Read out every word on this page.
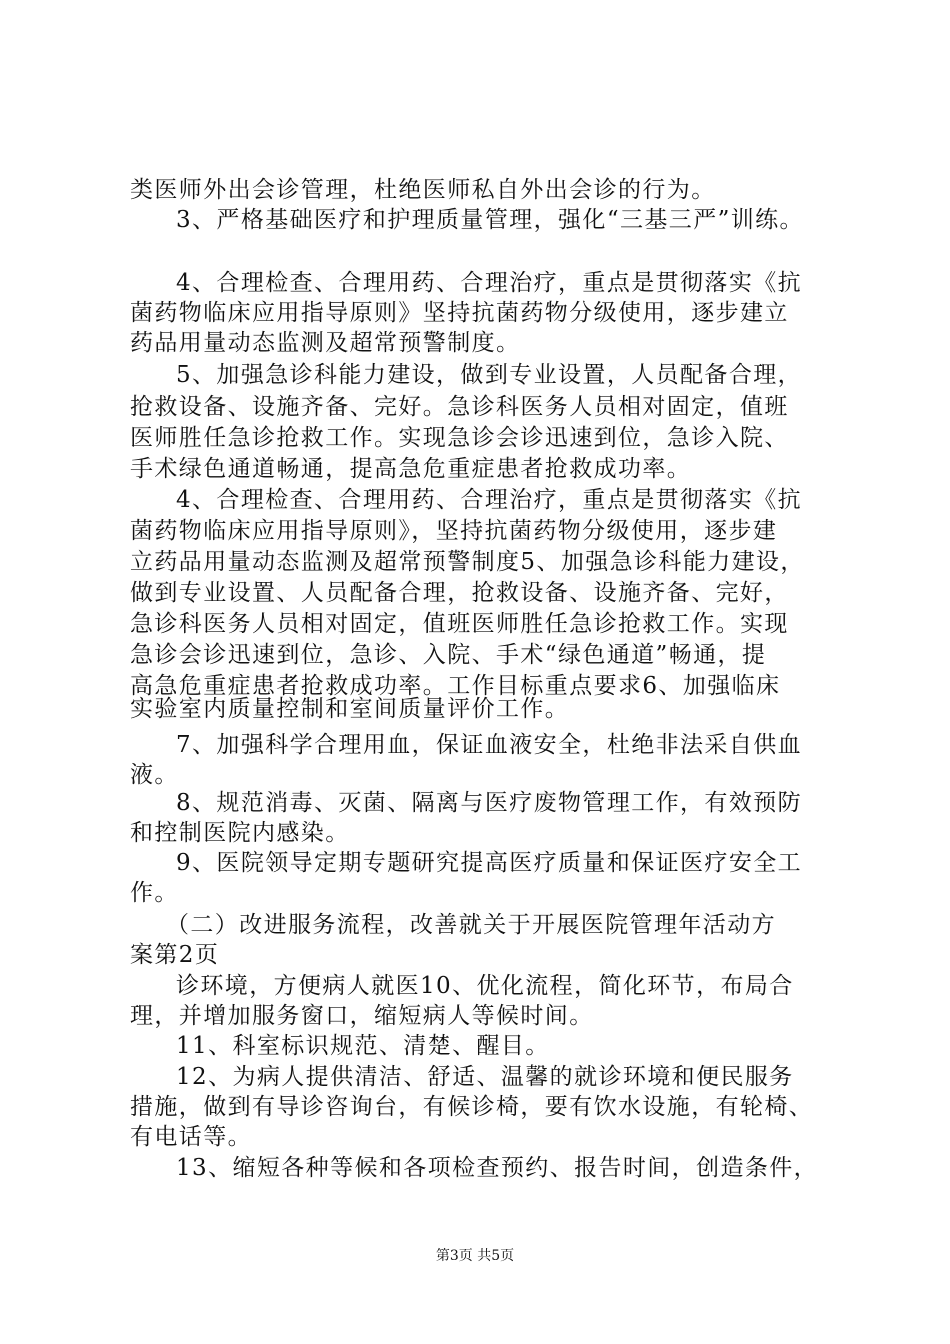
类医师外出会诊管理，杜绝医师私自外出会诊的行为。
3、严格基础医疗和护理质量管理，强化“三基三严”训练。
4、合理检查、合理用药、合理治疗，重点是贯彻落实《抗
菌药物临床应用指导原则》坚持抗菌药物分级使用，逐步建立
药品用量动态监测及超常预警制度。
5、加强急诊科能力建设，做到专业设置，人员配备合理，
抢救设备、设施齐备、完好。急诊科医务人员相对固定，值班
医师胜任急诊抢救工作。实现急诊会诊迅速到位，急诊入院、
手术绿色通道畅通，提高急危重症患者抢救成功率。
4、合理检查、合理用药、合理治疗，重点是贯彻落实《抗
菌药物临床应用指导原则》，坚持抗菌药物分级使用，逐步建
立药品用量动态监测及超常预警制度5、加强急诊科能力建设，
做到专业设置、人员配备合理，抢救设备、设施齐备、完好，
急诊科医务人员相对固定，值班医师胜任急诊抢救工作。实现
急诊会诊迅速到位，急诊、入院、手术“绿色通道”畅通，提
高急危重症患者抢救成功率。工作目标重点要求6、加强临床
实验室内质量控制和室间质量评价工作。
7、加强科学合理用血，保证血液安全，杜绝非法采自供血
液。
8、规范消毒、灭菌、隔离与医疗废物管理工作，有效预防
和控制医院内感染。
9、医院领导定期专题研究提高医疗质量和保证医疗安全工
作。
（二）改进服务流程，改善就关于开展医院管理年活动方
案第2页
诊环境，方便病人就医10、优化流程，简化环节，布局合
理，并增加服务窗口，缩短病人等候时间。
11、科室标识规范、清楚、醒目。
12、为病人提供清洁、舒适、温馨的就诊环境和便民服务
措施，做到有导诊咨询台，有候诊椅，要有饮水设施，有轮椅、
有电话等。
13、缩短各种等候和各项检查预约、报告时间，创造条件，
第3页 共5页
